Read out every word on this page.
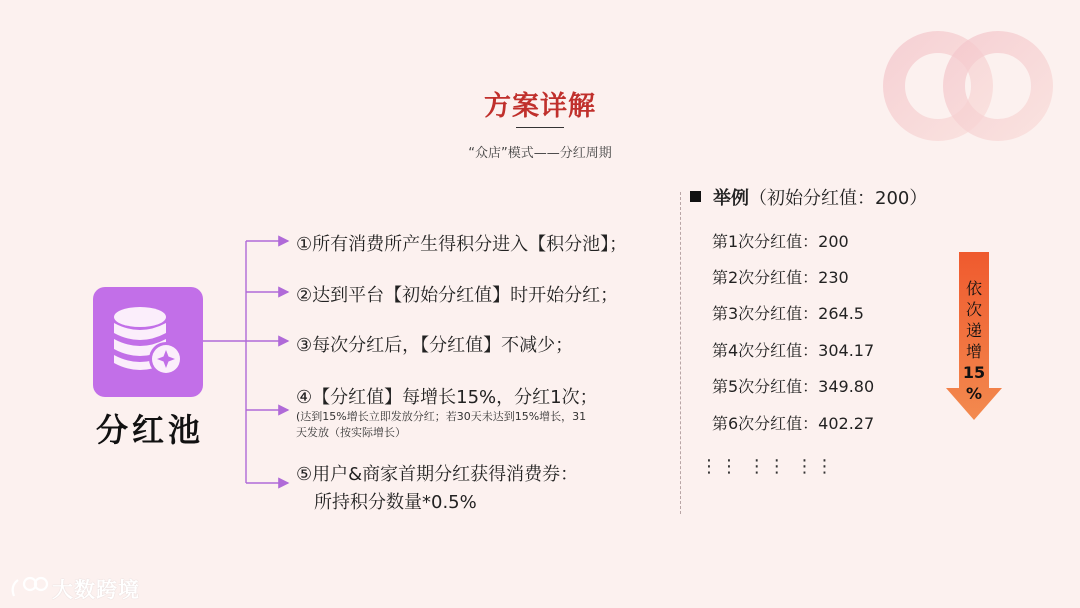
方案详解
“众店”模式——分红周期
分红池
①所有消费所产生得积分进入【积分池】；
②达到平台【初始分红值】时开始分红；
③每次分红后，【分红值】不减少；
④【分红值】每增长15%，分红1次；
(达到15%增长立即发放分红；若30天未达到15%增长，31
天发放（按实际增长）
⑤用户&商家首期分红获得消费券：
所持积分数量*0.5%
举例（初始分红值：200）
第1次分红值：200
第2次分红值：230
第3次分红值：264.5
第4次分红值：304.17
第5次分红值：349.80
第6次分红值：402.27
⋮⋮ ⋮⋮ ⋮⋮
依
次
递
增
15
%
大数跨境
